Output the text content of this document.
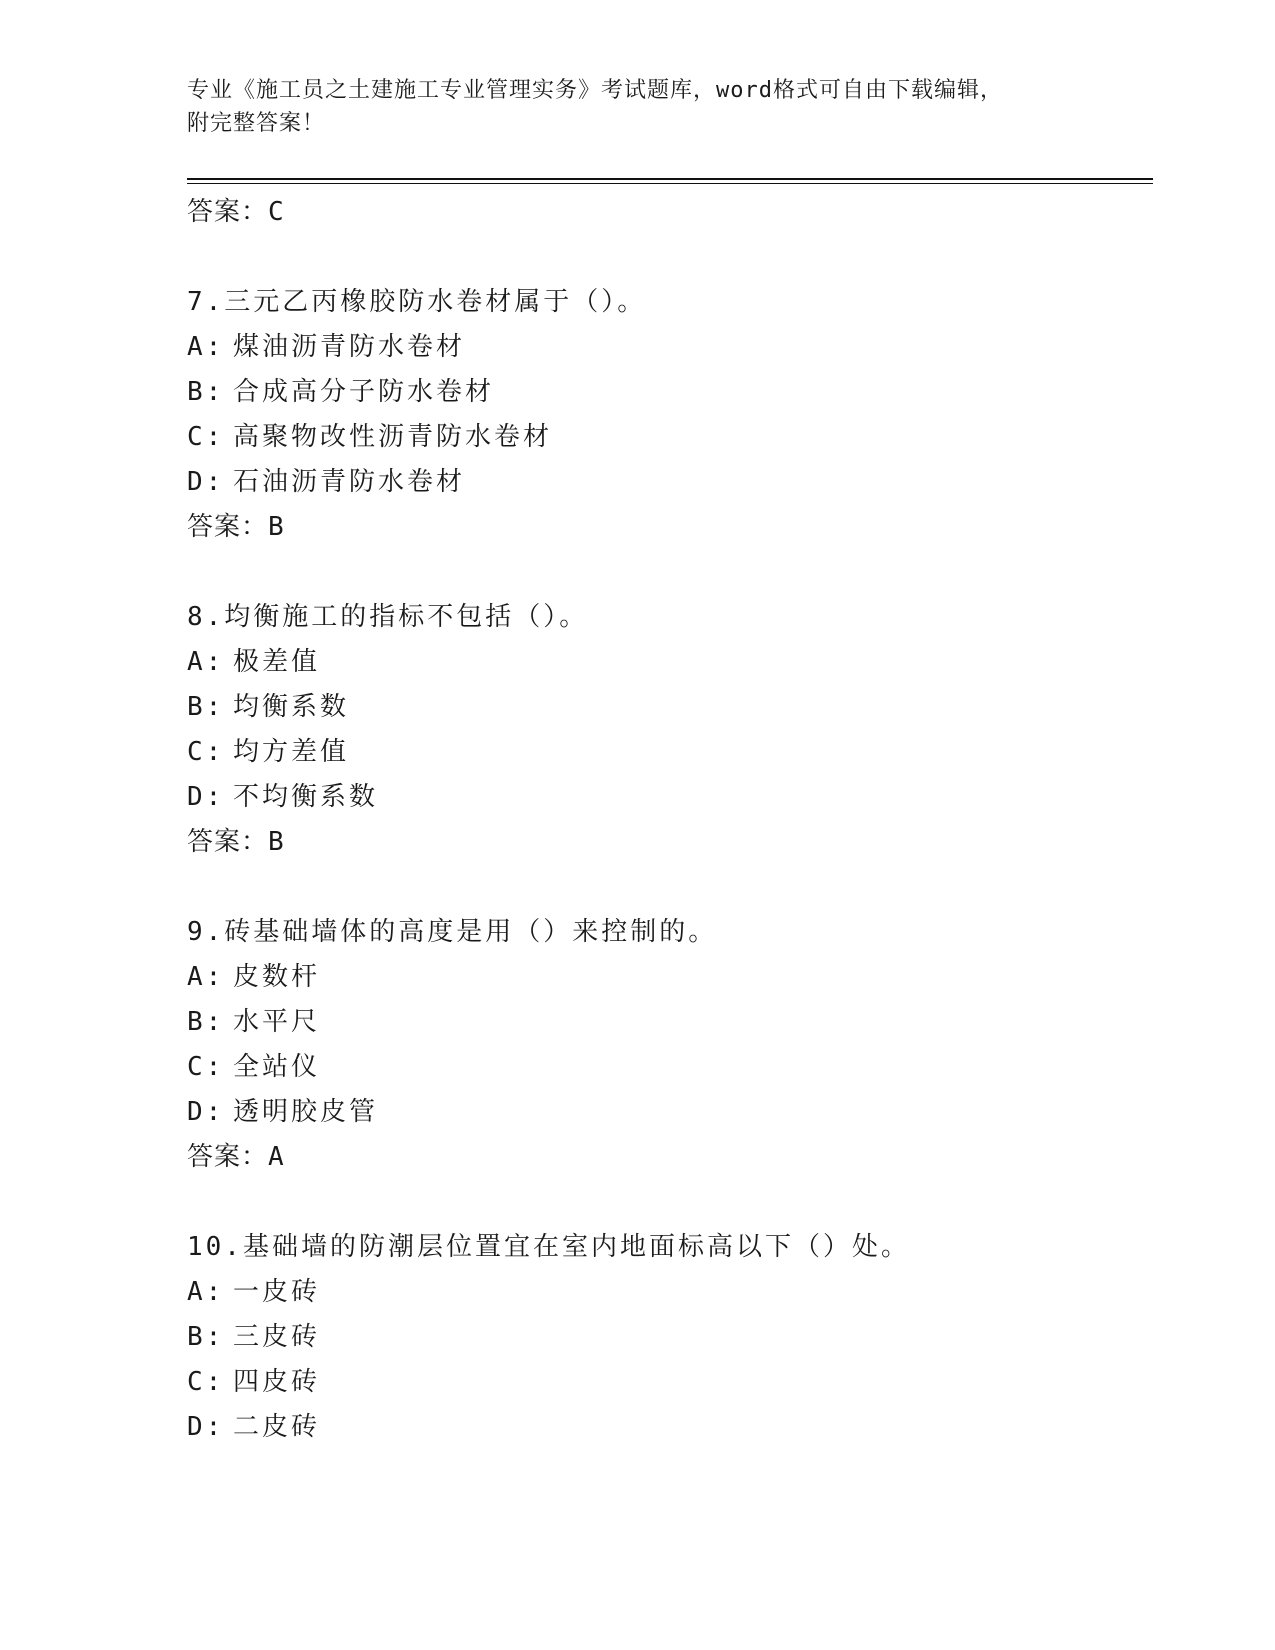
专业《施工员之土建施工专业管理实务》考试题库，word格式可自由下载编辑，
附完整答案！
答案：C
7.三元乙丙橡胶防水卷材属于（）。
A: 煤油沥青防水卷材
B: 合成高分子防水卷材
C: 高聚物改性沥青防水卷材
D: 石油沥青防水卷材
答案：B
8.均衡施工的指标不包括（）。
A: 极差值
B: 均衡系数
C: 均方差值
D: 不均衡系数
答案：B
9.砖基础墙体的高度是用（）来控制的。
A: 皮数杆
B: 水平尺
C: 全站仪
D: 透明胶皮管
答案：A
10.基础墙的防潮层位置宜在室内地面标高以下（）处。
A: 一皮砖
B: 三皮砖
C: 四皮砖
D: 二皮砖
